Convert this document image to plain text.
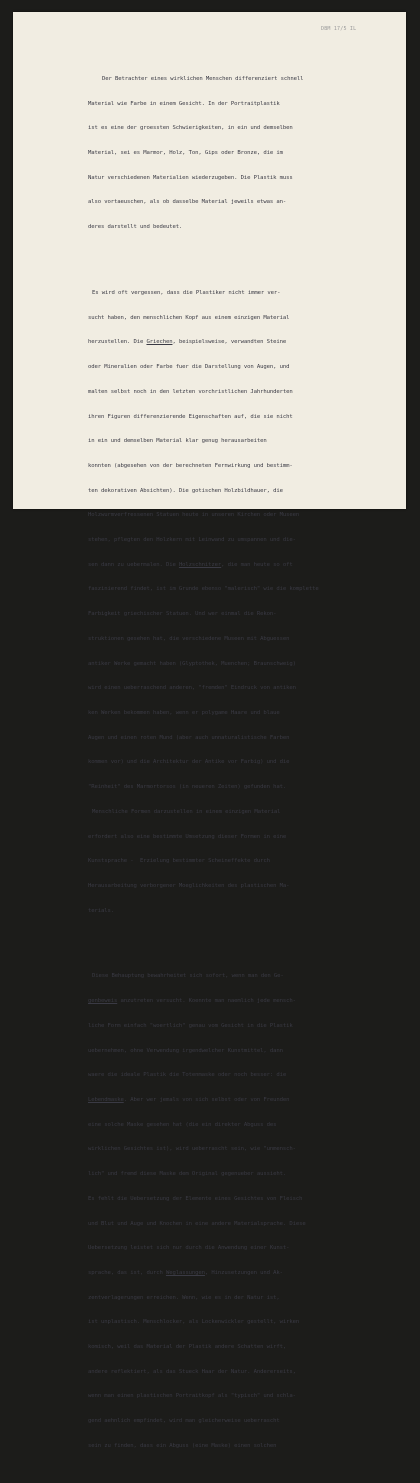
DBM 17/5 IL

Der Betrachter eines wirklichen Menschen differenziert schnell

Material wie Farbe in einem Gesicht. In der Portraitplastik

ist es eine der groessten Schwierigkeiten, in ein und demselben

Material, sei es Marmor, Holz, Ton, Gips oder Bronze, die im

Natur verschiedenen Materialien wiederzugeben. Die Plastik muss

also vortaeuschen, als ob dasselbe Material jeweils etwas an-

deres darstellt und bedeutet.

Es wird oft vergessen, dass die Plastiker nicht immer ver-

sucht haben, den menschlichen Kopf aus einem einzigen Material

herzustellen. Die Griechen, beispielsweise, verwandten Steine

oder Mineralien oder Farbe fuer die Darstellung von Augen, und

malten selbst noch in den letzten vorchristlichen Jahrhunderten

ihren Figuren differenzierende Eigenschaften auf, die sie nicht

in ein und demselben Material klar genug herausarbeiten

konnten (abgesehen von der berechneten Fernwirkung und bestimm-

ten dekorativen Absichten). Die gotischen Holzbildhauer, die

Holzwurmverfressenen Statuen heute in unseren Kirchen oder Museen

stehen, pflegten den Holzkern mit Leinwand zu umspannen und die-

sen dann zu uebermalen. Die Holzschnitzer, die man heute so oft

faszinierend findet, ist im Grunde ebenso "malerisch" wie die komplette

Farbigkeit griechischer Statuen. Und wer einmal die Rekon-

struktionen gesehen hat, die verschiedene Museen mit Abguessen

antiker Werke gemacht haben (Glyptothek, Muenchen; Braunschweig)

wird einen ueberraschend anderen, "fremden" Eindruck von antiken

ken Werken bekommen haben, wenn er polygame Haare und blaue

Augen und einen roten Mund (aber auch unnaturalistische Farben

kommen vor) und die Architektur der Antike vor Farbig) und die

"Reinheit" des Marmortorsos (in neueren Zeiten) gefunden hat.

Menschliche Formen darzustellen in einem einzigen Material

erfordert also eine bestimmte Umsetzung dieser Formen in eine

Kunstsprache -  Erzielung bestimmter Scheineffekte durch

Herausarbeitung verborgener Moeglichkeiten des plastischen Ma-

terials.

Diese Behauptung bewahrheitet sich sofort, wenn man den Ge-

genbeweis anzutreten versucht. Koennte man naemlich jede mensch-

liche Form einfach "woertlich" genau vom Gesicht in die Plastik

uebernehmen, ohne Verwendung irgendwelcher Kunstmittel, dann

waere die ideale Plastik die Totenmaske oder noch besser: die

Lebendmaske. Aber wer jemals von sich selbst oder von Freunden

eine solche Maske gesehen hat (die ein direkter Abguss des

wirklichen Gesichtes ist), wird ueberrascht sein, wie "unmensch-

lich" und fremd diese Maske dem Original gegenueber aussieht.

Es fehlt die Uebersetzung der Elemente eines Gesichtes von Fleisch

und Blut und Auge und Knochen in eine andere Materialsprache. Diese

Uebersetzung leistet sich nur durch die Anwendung einer Kunst-

sprache, das ist, durch Weglassungen, Hinzusetzungen und Ak-

zentverlagerungen erreichen. Wenn, wie es in der Natur ist,

ist unplastisch. Menschlocker, als Lockenwickler gestellt, wirken

komisch, weil das Material der Plastik andere Schatten wirft,

andere reflektiert, als das Stueck Haar der Natur. Andererseits,

wenn man einen plastischen Portraitkopf als "typisch" und schla-

gend aehnlich empfindet, wird man gleicherweise ueberrascht

sein zu finden, dass ein Abguss (eine Maske) einen solchen
